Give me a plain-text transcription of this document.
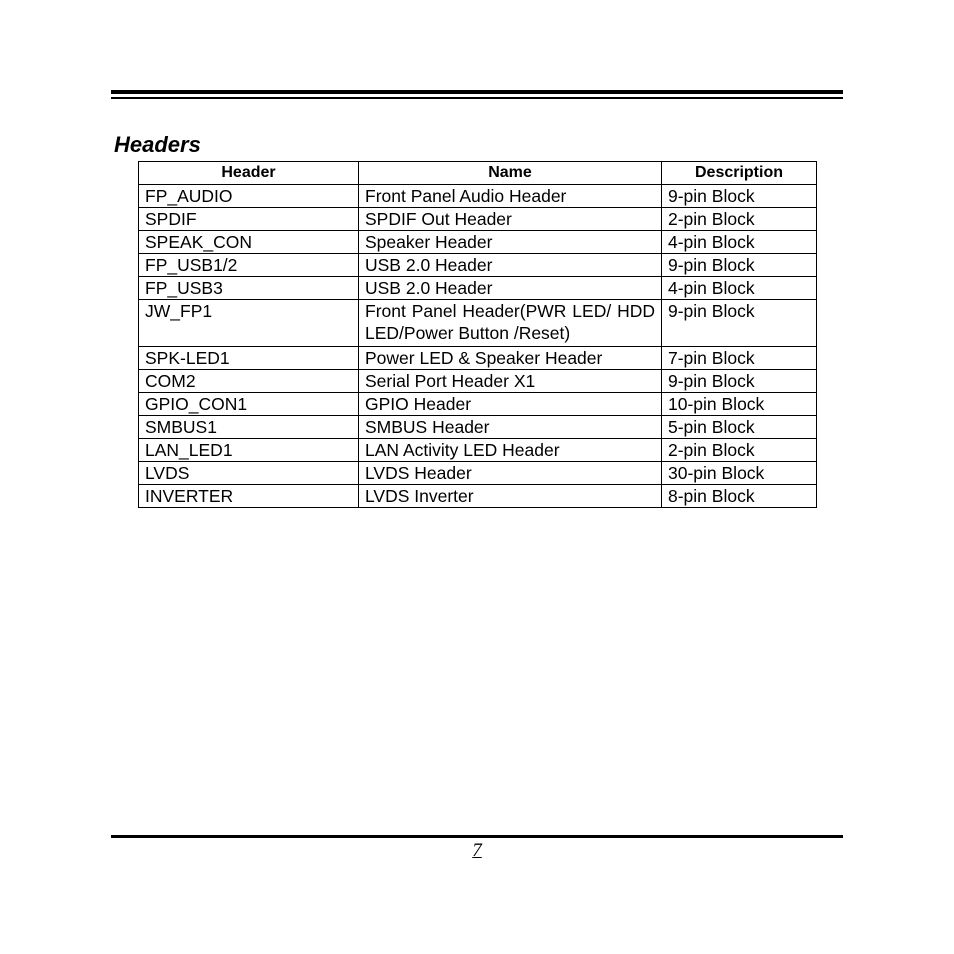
Headers
Header	Name	Description
FP_AUDIO	Front Panel Audio Header	9-pin Block
SPDIF	SPDIF Out Header	2-pin Block
SPEAK_CON	Speaker Header	4-pin Block
FP_USB1/2	USB 2.0 Header	9-pin Block
FP_USB3	USB 2.0 Header	4-pin Block
JW_FP1	Front Panel Header(PWR LED/ HDD LED/Power Button /Reset)	9-pin Block
SPK-LED1	Power LED & Speaker Header	7-pin Block
COM2	Serial Port Header X1	9-pin Block
GPIO_CON1	GPIO Header	10-pin Block
SMBUS1	SMBUS Header	5-pin Block
LAN_LED1	LAN Activity LED Header	2-pin Block
LVDS	LVDS Header	30-pin Block
INVERTER	LVDS Inverter	8-pin Block
7
